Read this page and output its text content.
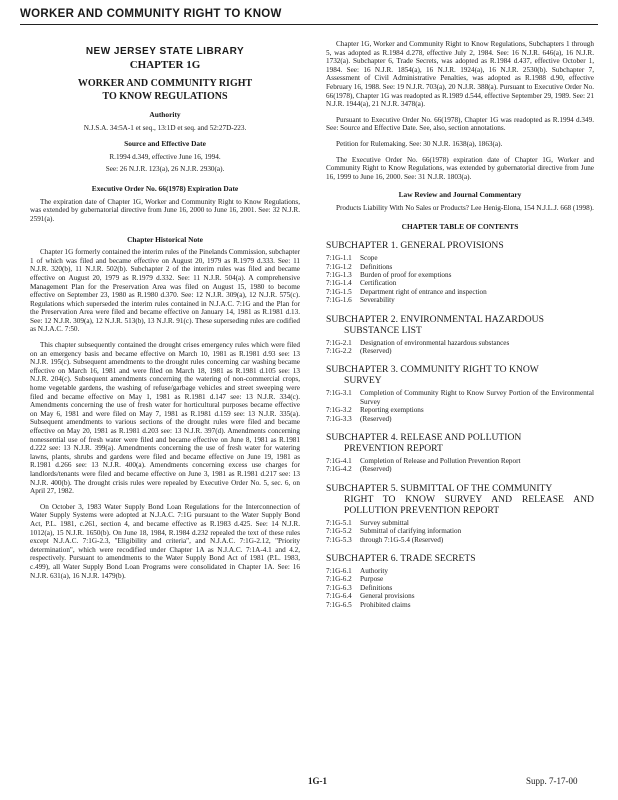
WORKER AND COMMUNITY RIGHT TO KNOW
NEW JERSEY STATE LIBRARY
CHAPTER 1G
WORKER AND COMMUNITY RIGHT
TO KNOW REGULATIONS
Authority
N.J.S.A. 34:5A-1 et seq., 13:1D et seq. and 52:27D-223.
Source and Effective Date
R.1994 d.349, effective June 16, 1994.
See: 26 N.J.R. 123(a), 26 N.J.R. 2930(a).
Executive Order No. 66(1978) Expiration Date

The expiration date of Chapter 1G, Worker and Community Right to Know Regulations, was extended by gubernatorial directive from June 16, 2000 to June 16, 2001. See: 32 N.J.R. 2591(a).

Chapter Historical Note

Chapter 1G formerly contained the interim rules of the Pinelands Commission, subchapter 1 of which was filed and became effective on August 20, 1979 as R.1979 d.333. See: 11 N.J.R. 320(b), 11 N.J.R. 502(b). Subchapter 2 of the interim rules was filed and became effective on August 20, 1979 as R.1979 d.332. See: 11 N.J.R. 504(a). A comprehensive Management Plan for the Preservation Area was filed on August 15, 1980 to become effective on September 23, 1980 as R.1980 d.370. See: 12 N.J.R. 309(a), 12 N.J.R. 575(c). Regulations which superseded the interim rules contained in N.J.A.C. 7:1G and the Plan for the Preservation Area were filed and became effective on January 14, 1981 as R.1981 d.13. See: 12 N.J.R. 309(a), 12 N.J.R. 513(b), 13 N.J.R. 91(c). These superseding rules are codified as N.J.A.C. 7:50.

This chapter subsequently contained the drought crises emergency rules which were filed on an emergency basis and became effective on March 10, 1981 as R.1981 d.93 see: 13 N.J.R. 195(c). Subsequent amendments to the drought rules concerning car washing became effective on March 16, 1981 and were filed on March 18, 1981 as R.1981 d.105 see: 13 N.J.R. 204(c). Subsequent amendments concerning the watering of non-commercial crops, home vegetable gardens, the washing of refuse/garbage vehicles and street sweeping were filed and became effective on May 1, 1981 as R.1981 d.147 see: 13 N.J.R. 334(c). Amendments concerning the use of fresh water for horticultural purposes became effective on May 6, 1981 and were filed on May 7, 1981 as R.1981 d.159 see: 13 N.J.R. 335(a). Subsequent amendments to various sections of the drought rules were filed and became effective on May 20, 1981 as R.1981 d.203 see: 13 N.J.R. 397(d). Amendments concerning nonessential use of fresh water were filed and became effective on June 8, 1981 as R.1981 d.222 see: 13 N.J.R. 399(a). Amendments concerning the use of fresh water for watering lawns, plants, shrubs and gardens were filed and became effective on June 19, 1981 as R.1981 d.266 see: 13 N.J.R. 400(a). Amendments concerning excess use charges for landlords/tenants were filed and became effective on June 3, 1981 as R.1981 d.217 see: 13 N.J.R. 400(b). The drought crisis rules were repealed by Executive Order No. 5, sec. 6, on April 27, 1982.

On October 3, 1983 Water Supply Bond Loan Regulations for the Interconnection of Water Supply Systems were adopted at N.J.A.C. 7:1G pursuant to the Water Supply Bond Act, P.L. 1981, c.261, section 4, and became effective as R.1983 d.425. See: 14 N.J.R. 1012(a), 15 N.J.R. 1650(b). On June 18, 1984, R.1984 d.232 repealed the text of these rules except N.J.A.C. 7:1G-2.3, "Eligibility and criteria", and N.J.A.C. 7:1G-2.12, "Priority determination", which were recodified under Chapter 1A as N.J.A.C. 7:1A-4.1 and 4.2, respectively. Pursuant to amendments to the Water Supply Bond Act of 1981 (P.L. 1983, c.499), all Water Supply Bond Loan Programs were consolidated in Chapter 1A. See: 16 N.J.R. 631(a), 16 N.J.R. 1479(b).

Chapter 1G, Worker and Community Right to Know Regulations, Subchapters 1 through 5, was adopted as R.1984 d.278, effective July 2, 1984. See: 16 N.J.R. 646(a), 16 N.J.R. 1732(a). Subchapter 6, Trade Secrets, was adopted as R.1984 d.437, effective October 1, 1984. See: 16 N.J.R. 1854(a), 16 N.J.R. 1924(a), 16 N.J.R. 2530(b). Subchapter 7, Assessment of Civil Administrative Penalties, was adopted as R.1988 d.90, effective February 16, 1988. See: 19 N.J.R. 703(a), 20 N.J.R. 388(a). Pursuant to Executive Order No. 66(1978), Chapter 1G was readopted as R.1989 d.544, effective September 29, 1989. See: 21 N.J.R. 1944(a), 21 N.J.R. 3478(a).

Pursuant to Executive Order No. 66(1978), Chapter 1G was readopted as R.1994 d.349. See: Source and Effective Date. See, also, section annotations.

Petition for Rulemaking. See: 30 N.J.R. 1638(a), 1863(a).

The Executive Order No. 66(1978) expiration date of Chapter 1G, Worker and Community Right to Know Regulations, was extended by gubernatorial directive from June 16, 1999 to June 16, 2000. See: 31 N.J.R. 1803(a).

Law Review and Journal Commentary

Products Liability With No Sales or Products? Lee Henig-Elona, 154 N.J.L.J. 668 (1998).

CHAPTER TABLE OF CONTENTS
SUBCHAPTER 1. GENERAL PROVISIONS
7:1G-1.1	Scope
7:1G-1.2	Definitions
7:1G-1.3	Burden of proof for exemptions
7:1G-1.4	Certification
7:1G-1.5	Department right of entrance and inspection
7:1G-1.6	Severability
SUBCHAPTER 2. ENVIRONMENTAL HAZARDOUS
SUBSTANCE LIST
7:1G-2.1	Designation of environmental hazardous substances
7:1G-2.2	(Reserved)
SUBCHAPTER 3. COMMUNITY RIGHT TO KNOW
SURVEY
7:1G-3.1	Completion of Community Right to Know Survey Portion of the Environmental Survey
7:1G-3.2	Reporting exemptions
7:1G-3.3	(Reserved)
SUBCHAPTER 4. RELEASE AND POLLUTION
PREVENTION REPORT
7:1G-4.1	Completion of Release and Pollution Prevention Report
7:1G-4.2	(Reserved)
SUBCHAPTER 5. SUBMITTAL OF THE COMMUNITY
RIGHT TO KNOW SURVEY AND RELEASE AND POLLUTION PREVENTION REPORT
7:1G-5.1	Survey submittal
7:1G-5.2	Submittal of clarifying information
7:1G-5.3	through 7:1G-5.4 (Reserved)
SUBCHAPTER 6. TRADE SECRETS
7:1G-6.1	Authority
7:1G-6.2	Purpose
7:1G-6.3	Definitions
7:1G-6.4	General provisions
7:1G-6.5	Prohibited claims
1G-1	Supp. 7-17-00
